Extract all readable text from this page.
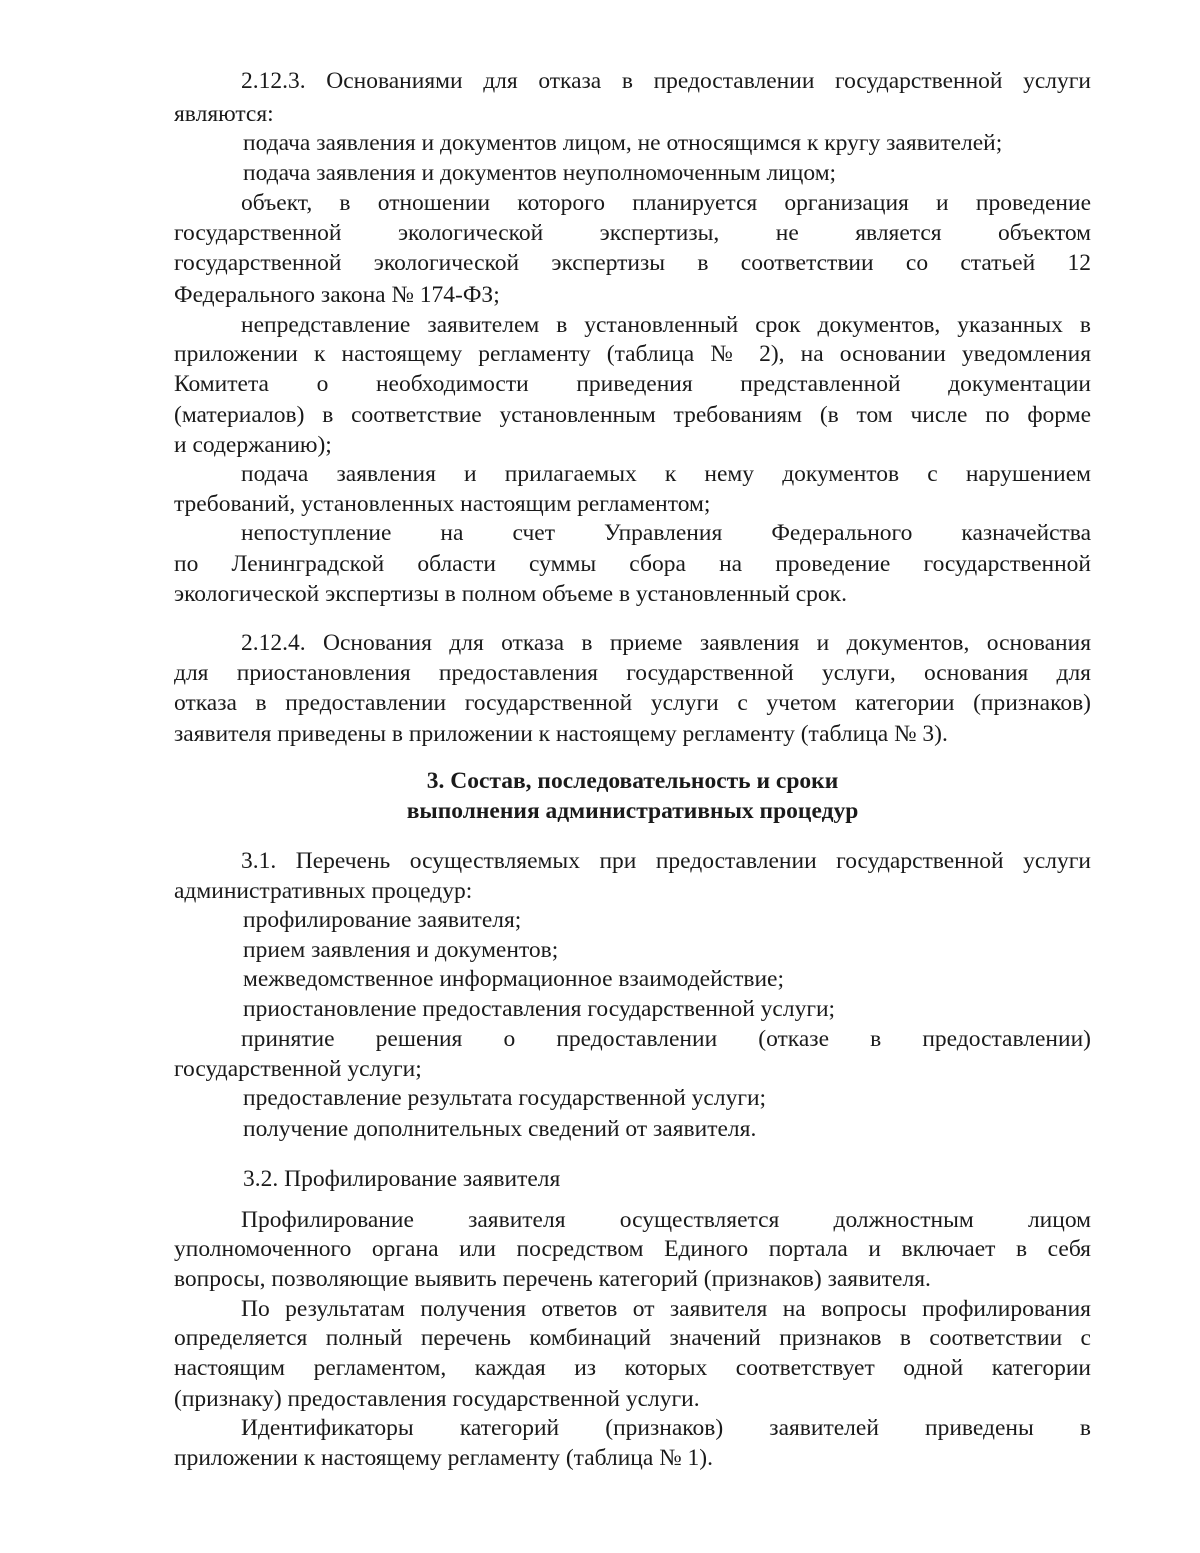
2.12.3. Основаниями для отказа в предоставлении государственной услуги
являются:
подача заявления и документов лицом, не относящимся к кругу заявителей;
подача заявления и документов неуполномоченным лицом;
объект, в отношении которого планируется организация и проведение
государственной экологической экспертизы, не является объектом
государственной экологической экспертизы в соответствии со статьей 12
Федерального закона № 174-ФЗ;
непредставление заявителем в установленный срок документов, указанных в
приложении к настоящему регламенту (таблица № 2), на основании уведомления
Комитета о необходимости приведения представленной документации
(материалов) в соответствие установленным требованиям (в том числе по форме
и содержанию);
подача заявления и прилагаемых к нему документов с нарушением
требований, установленных настоящим регламентом;
непоступление на счет Управления Федерального казначейства
по Ленинградской области суммы сбора на проведение государственной
экологической экспертизы в полном объеме в установленный срок.
2.12.4. Основания для отказа в приеме заявления и документов, основания
для приостановления предоставления государственной услуги, основания для
отказа в предоставлении государственной услуги с учетом категории (признаков)
заявителя приведены в приложении к настоящему регламенту (таблица № 3).
3. Состав, последовательность и сроки
выполнения административных процедур
3.1. Перечень осуществляемых при предоставлении государственной услуги
административных процедур:
профилирование заявителя;
прием заявления и документов;
межведомственное информационное взаимодействие;
приостановление предоставления государственной услуги;
принятие решения о предоставлении (отказе в предоставлении)
государственной услуги;
предоставление результата государственной услуги;
получение дополнительных сведений от заявителя.
3.2. Профилирование заявителя
Профилирование заявителя осуществляется должностным лицом
уполномоченного органа или посредством Единого портала и включает в себя
вопросы, позволяющие выявить перечень категорий (признаков) заявителя.
По результатам получения ответов от заявителя на вопросы профилирования
определяется полный перечень комбинаций значений признаков в соответствии с
настоящим регламентом, каждая из которых соответствует одной категории
(признаку) предоставления государственной услуги.
Идентификаторы категорий (признаков) заявителей приведены в
приложении к настоящему регламенту (таблица № 1).
